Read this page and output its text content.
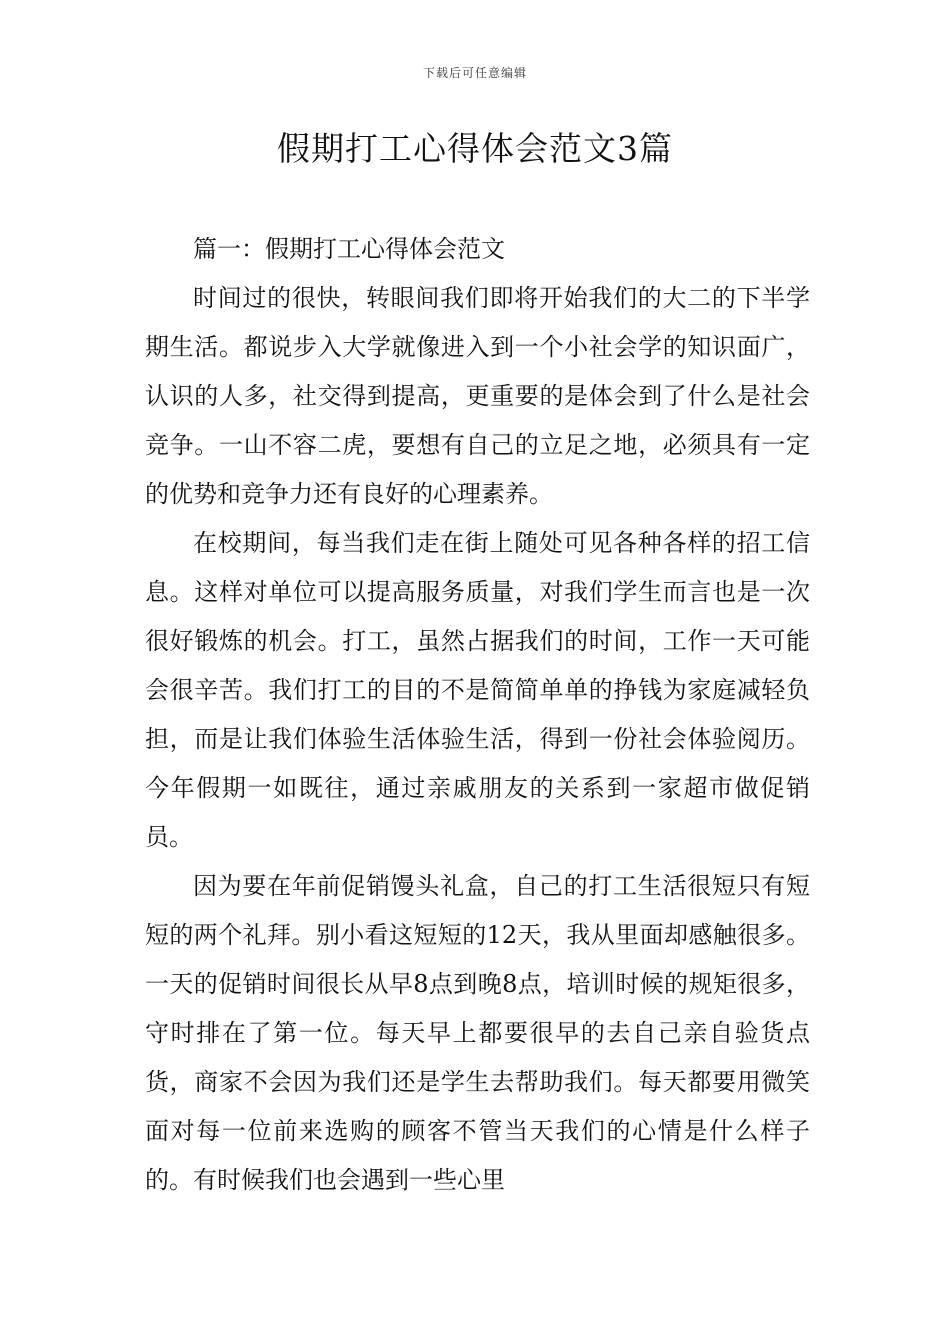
下载后可任意编辑
假期打工心得体会范文3篇
篇一：假期打工心得体会范文

时间过的很快，转眼间我们即将开始我们的大二的下半学期生活。都说步入大学就像进入到一个小社会学的知识面广，认识的人多，社交得到提高，更重要的是体会到了什么是社会竞争。一山不容二虎，要想有自己的立足之地，必须具有一定的优势和竞争力还有良好的心理素养。

在校期间，每当我们走在街上随处可见各种各样的招工信息。这样对单位可以提高服务质量，对我们学生而言也是一次很好锻炼的机会。打工，虽然占据我们的时间，工作一天可能会很辛苦。我们打工的目的不是简简单单的挣钱为家庭减轻负担，而是让我们体验生活体验生活，得到一份社会体验阅历。今年假期一如既往，通过亲戚朋友的关系到一家超市做促销员。

因为要在年前促销馒头礼盒，自己的打工生活很短只有短短的两个礼拜。别小看这短短的12天，我从里面却感触很多。一天的促销时间很长从早8点到晚8点，培训时候的规矩很多，守时排在了第一位。每天早上都要很早的去自己亲自验货点货，商家不会因为我们还是学生去帮助我们。每天都要用微笑面对每一位前来选购的顾客不管当天我们的心情是什么样子的。有时候我们也会遇到一些心里
